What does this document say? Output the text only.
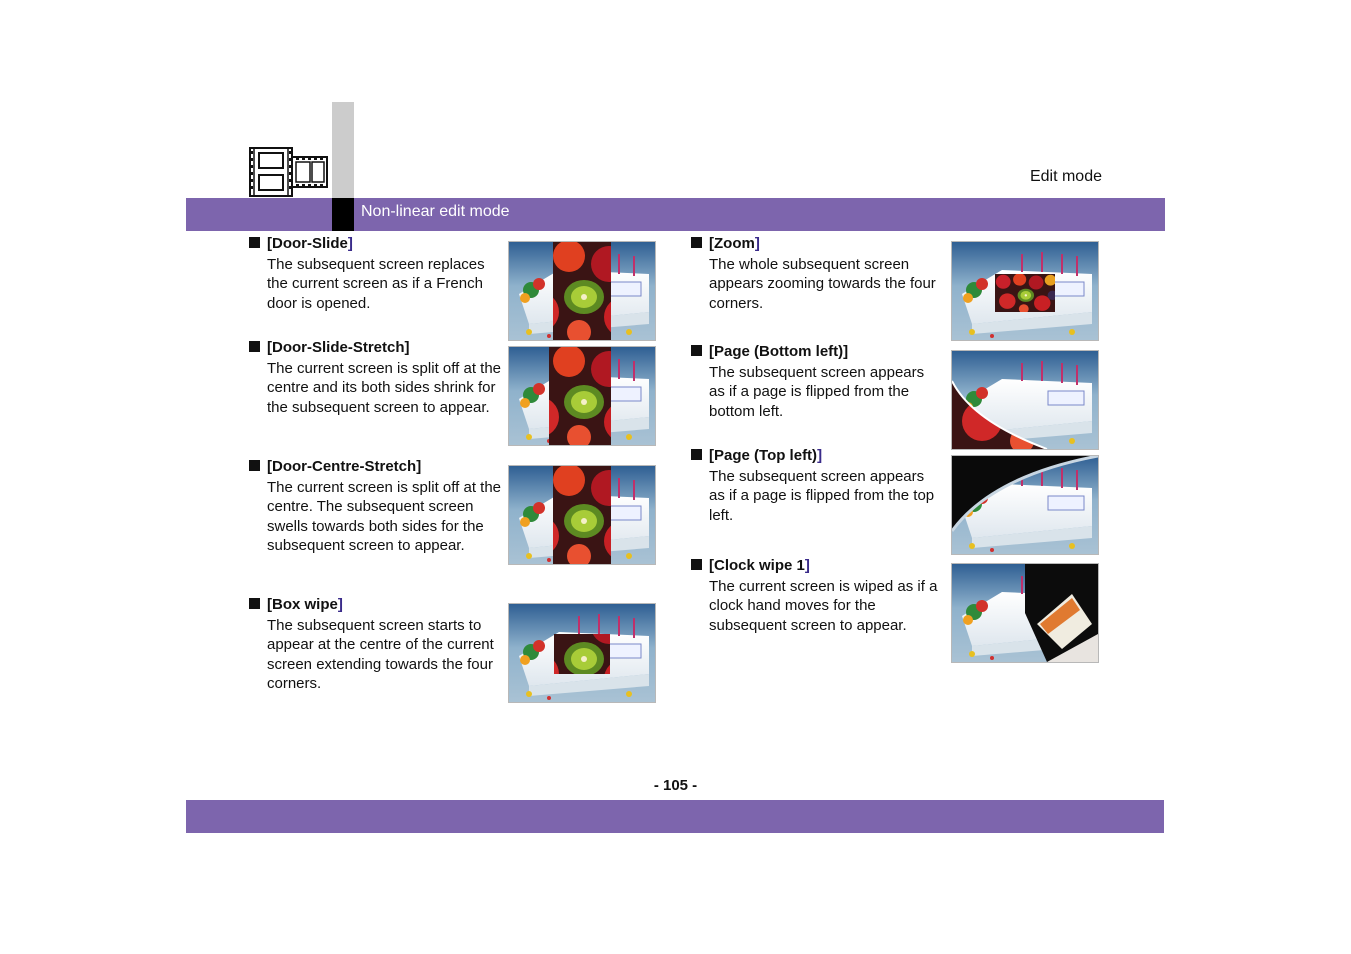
Edit mode
Non-linear edit mode
[Door-Slide]
The subsequent screen replaces the current screen as if a French door is opened.
[Door-Slide-Stretch]
The current screen is split off at the centre and its both sides shrink for the subsequent screen to appear.
[Door-Centre-Stretch]
The current screen is split off at the centre. The subsequent screen swells towards both sides for the subsequent screen to appear.
[Box wipe]
The subsequent screen starts to appear at the centre of the current screen extending towards the four corners.
[Zoom]
The whole subsequent screen appears zooming towards the four corners.
[Page (Bottom left)]
The subsequent screen appears as if a page is flipped from the bottom left.
[Page (Top left)]
The subsequent screen appears as if a page is flipped from the top left.
[Clock wipe 1]
The current screen is wiped as if a clock hand moves for the subsequent screen to appear.
- 105 -
